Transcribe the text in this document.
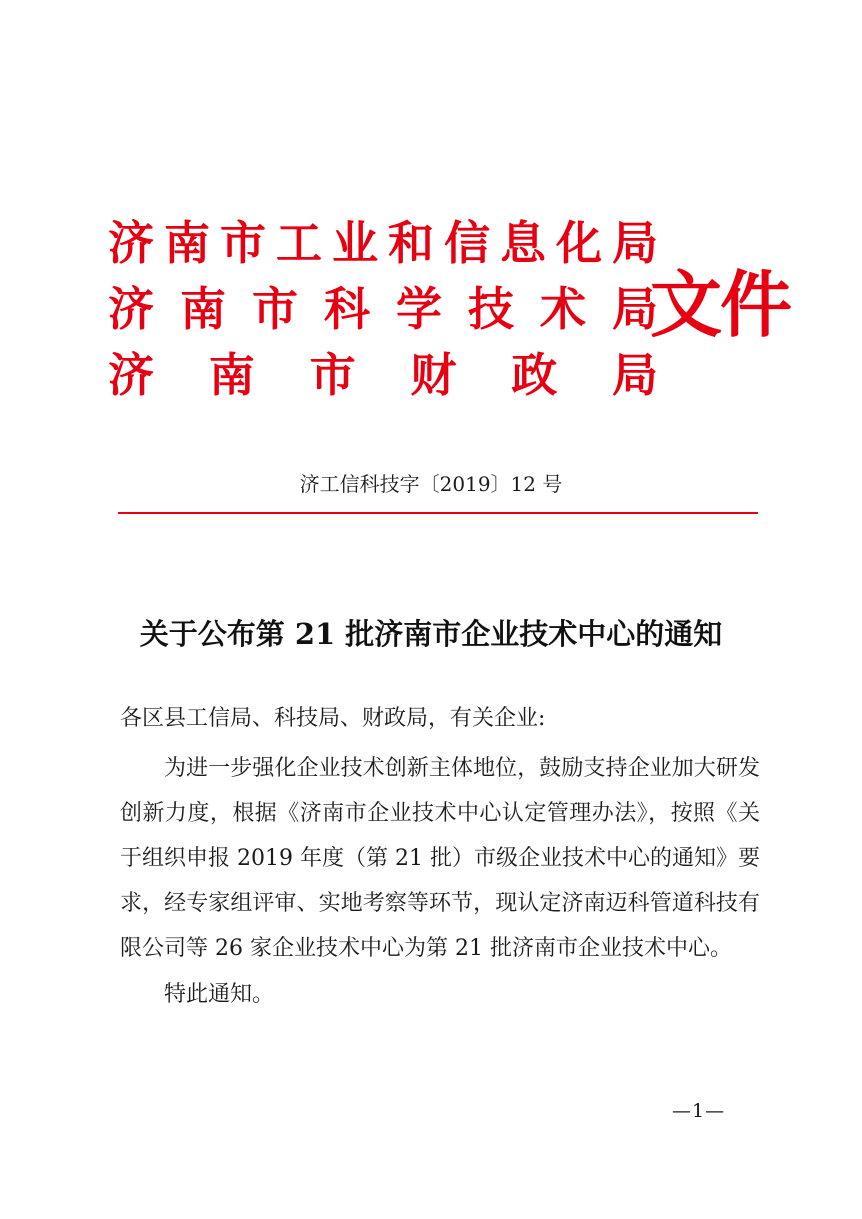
济 南 市 工 业 和 信 息 化 局
济 南 市 科 学 技 术 局
济 南 市 财 政 局
文件
济工信科技字〔2019〕12 号
关于公布第 21 批济南市企业技术中心的通知
各区县工信局、科技局、财政局，有关企业:

为进一步强化企业技术创新主体地位，鼓励支持企业加大研发创新力度，根据《济南市企业技术中心认定管理办法》，按照《关于组织申报 2019 年度（第 21 批）市级企业技术中心的通知》要求，经专家组评审、实地考察等环节，现认定济南迈科管道科技有限公司等 26 家企业技术中心为第 21 批济南市企业技术中心。

特此通知。
—1—
